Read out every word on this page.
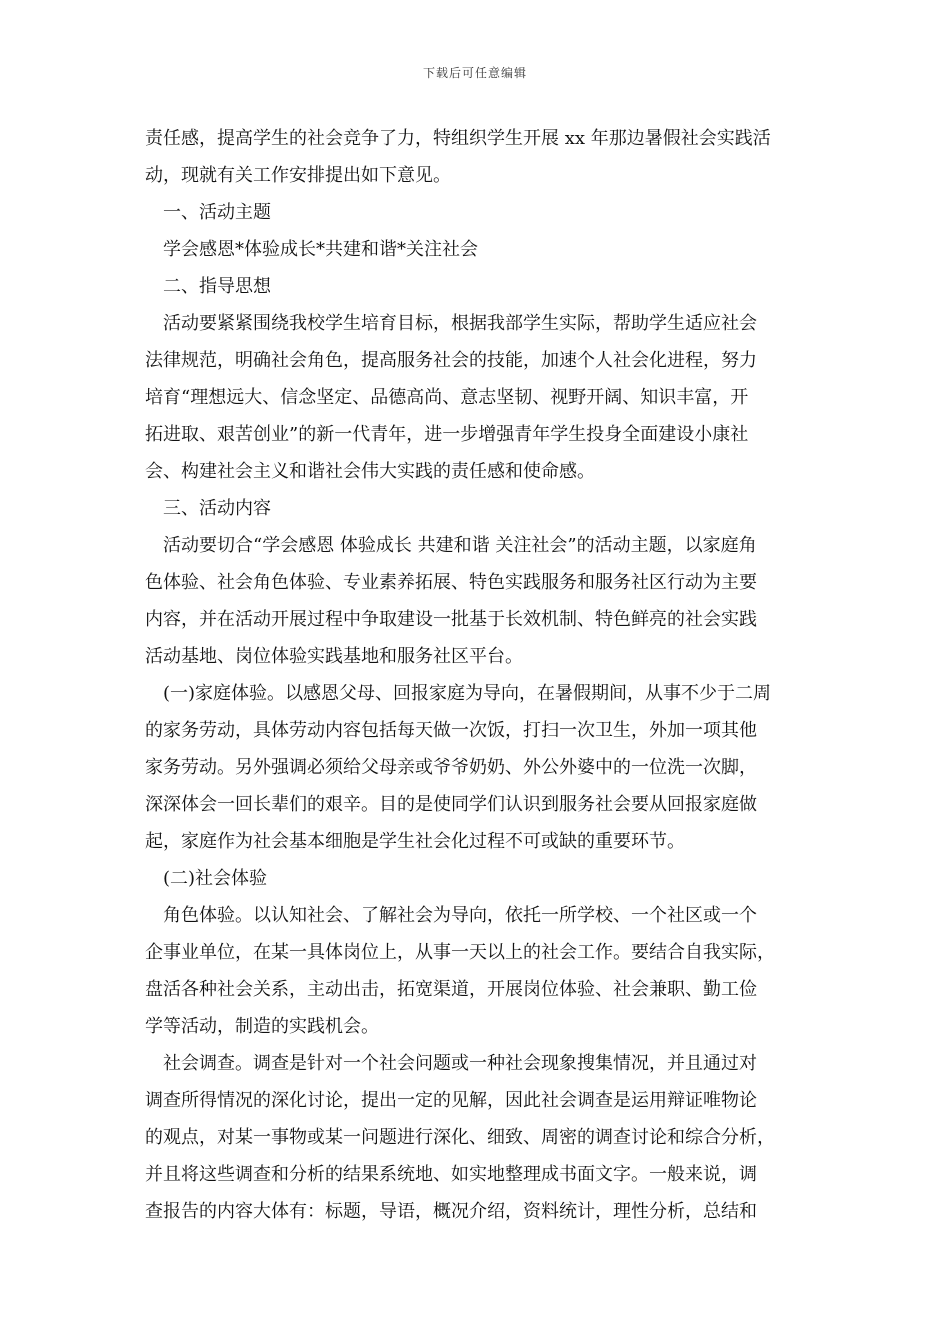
下载后可任意编辑
责任感，提高学生的社会竞争了力，特组织学生开展 xx 年那边暑假社会实践活
动，现就有关工作安排提出如下意见。
一、活动主题
学会感恩*体验成长*共建和谐*关注社会
二、指导思想
活动要紧紧围绕我校学生培育目标，根据我部学生实际，帮助学生适应社会
法律规范，明确社会角色，提高服务社会的技能，加速个人社会化进程，努力
培育“理想远大、信念坚定、品德高尚、意志坚韧、视野开阔、知识丰富，开
拓进取、艰苦创业”的新一代青年，进一步增强青年学生投身全面建设小康社
会、构建社会主义和谐社会伟大实践的责任感和使命感。
三、活动内容
活动要切合“学会感恩 体验成长 共建和谐 关注社会”的活动主题，以家庭角
色体验、社会角色体验、专业素养拓展、特色实践服务和服务社区行动为主要
内容，并在活动开展过程中争取建设一批基于长效机制、特色鲜亮的社会实践
活动基地、岗位体验实践基地和服务社区平台。
(一)家庭体验。以感恩父母、回报家庭为导向，在暑假期间，从事不少于二周
的家务劳动，具体劳动内容包括每天做一次饭，打扫一次卫生，外加一项其他
家务劳动。另外强调必须给父母亲或爷爷奶奶、外公外婆中的一位洗一次脚，
深深体会一回长辈们的艰辛。目的是使同学们认识到服务社会要从回报家庭做
起，家庭作为社会基本细胞是学生社会化过程不可或缺的重要环节。
(二)社会体验
角色体验。以认知社会、了解社会为导向，依托一所学校、一个社区或一个
企事业单位，在某一具体岗位上，从事一天以上的社会工作。要结合自我实际，
盘活各种社会关系，主动出击，拓宽渠道，开展岗位体验、社会兼职、勤工俭
学等活动，制造的实践机会。
社会调查。调查是针对一个社会问题或一种社会现象搜集情况，并且通过对
调查所得情况的深化讨论，提出一定的见解，因此社会调查是运用辩证唯物论
的观点，对某一事物或某一问题进行深化、细致、周密的调查讨论和综合分析，
并且将这些调查和分析的结果系统地、如实地整理成书面文字。一般来说，调
查报告的内容大体有：标题，导语，概况介绍，资料统计，理性分析，总结和
